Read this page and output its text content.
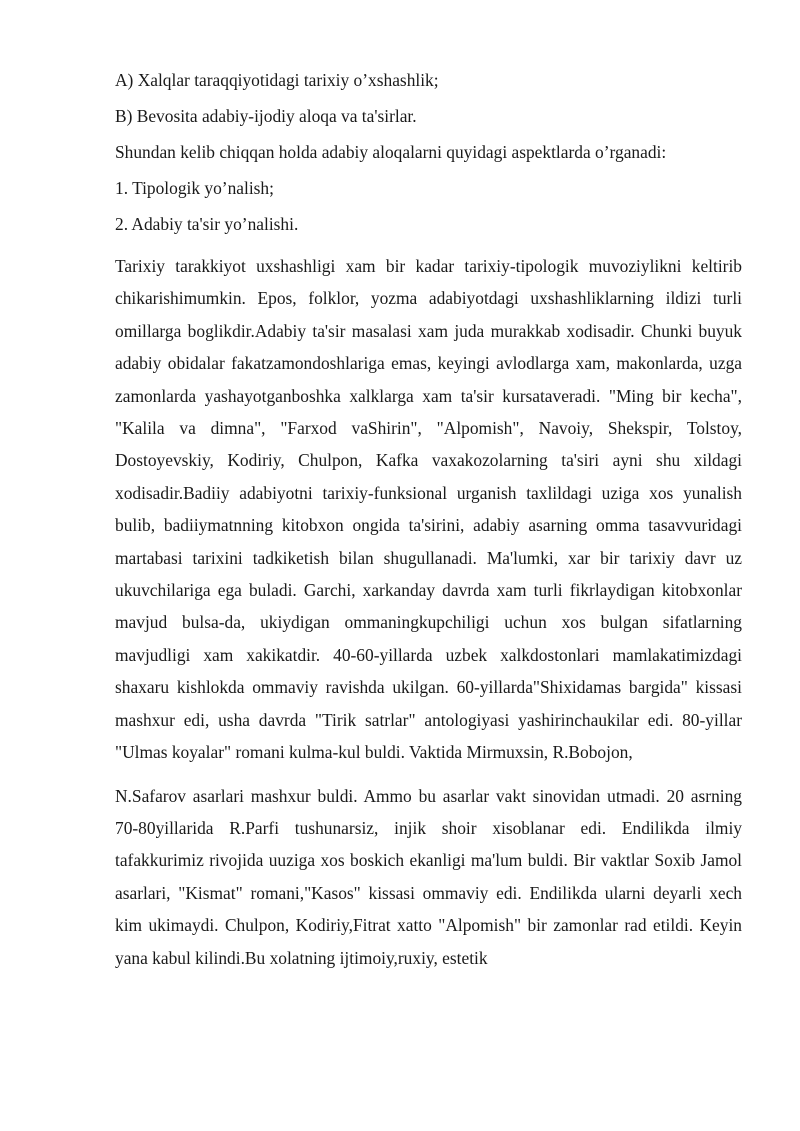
A) Xalqlar taraqqiyotidagi tarixiy o’xshashlik;

B) Bevosita adabiy-ijodiy aloqa va ta'sirlar.

Shundan kelib chiqqan holda adabiy aloqalarni quyidagi aspektlarda o’rganadi:

1. Tipologik yo’nalish;

2. Adabiy ta'sir yo’nalishi.

Tarixiy tarakkiyot uxshashligi xam bir kadar tarixiy-tipologik muvoziylikni keltirib chikarishimumkin. Epos, folklor, yozma adabiyotdagi uxshashliklarning ildizi turli omillarga boglikdir.Adabiy ta'sir masalasi xam juda murakkab xodisadir. Chunki buyuk adabiy obidalar fakatzamondoshlariga emas, keyingi avlodlarga xam, makonlarda, uzga zamonlarda yashayotganboshka xalklarga xam ta'sir kursataveradi. "Ming bir kecha", "Kalila va dimna", "Farxod vaShirin", "Alpomish", Navoiy, Shekspir, Tolstoy, Dostoyevskiy, Kodiriy, Chulpon, Kafka vaxakozolarning ta'siri ayni shu xildagi xodisadir.Badiiy adabiyotni tarixiy-funksional urganish taxlildagi uziga xos yunalish bulib, badiiymatnning kitobxon ongida ta'sirini, adabiy asarning omma tasavvuridagi martabasi tarixini tadkiketish bilan shugullanadi. Ma'lumki, xar bir tarixiy davr uz ukuvchilariga ega buladi. Garchi, xarkanday davrda xam turli fikrlaydigan kitobxonlar mavjud bulsa-da, ukiydigan ommaningkupchiligi uchun xos bulgan sifatlarning mavjudligi xam xakikatdir. 40-60-yillarda uzbek xalkdostonlari mamlakatimizdagi shaxaru kishlokda ommaviy ravishda ukilgan. 60-yillarda"Shixidamas bargida" kissasi mashxur edi, usha davrda "Tirik satrlar" antologiyasi yashirinchaukilar edi. 80-yillar "Ulmas koyalar" romani kulma-kul buldi. Vaktida Mirmuxsin, R.Bobojon,

N.Safarov asarlari mashxur buldi. Ammo bu asarlar vakt sinovidan utmadi. 20 asrning 70-80yillarida R.Parfi tushunarsiz, injik shoir xisoblanar edi. Endilikda ilmiy tafakkurimiz rivojida uuziga xos boskich ekanligi ma'lum buldi. Bir vaktlar Soxib Jamol asarlari, "Kismat" romani,"Kasos" kissasi ommaviy edi. Endilikda ularni deyarli xech kim ukimaydi. Chulpon, Kodiriy,Fitrat xatto "Alpomish" bir zamonlar rad etildi. Keyin yana kabul kilindi.Bu xolatning ijtimoiy,ruxiy, estetik
